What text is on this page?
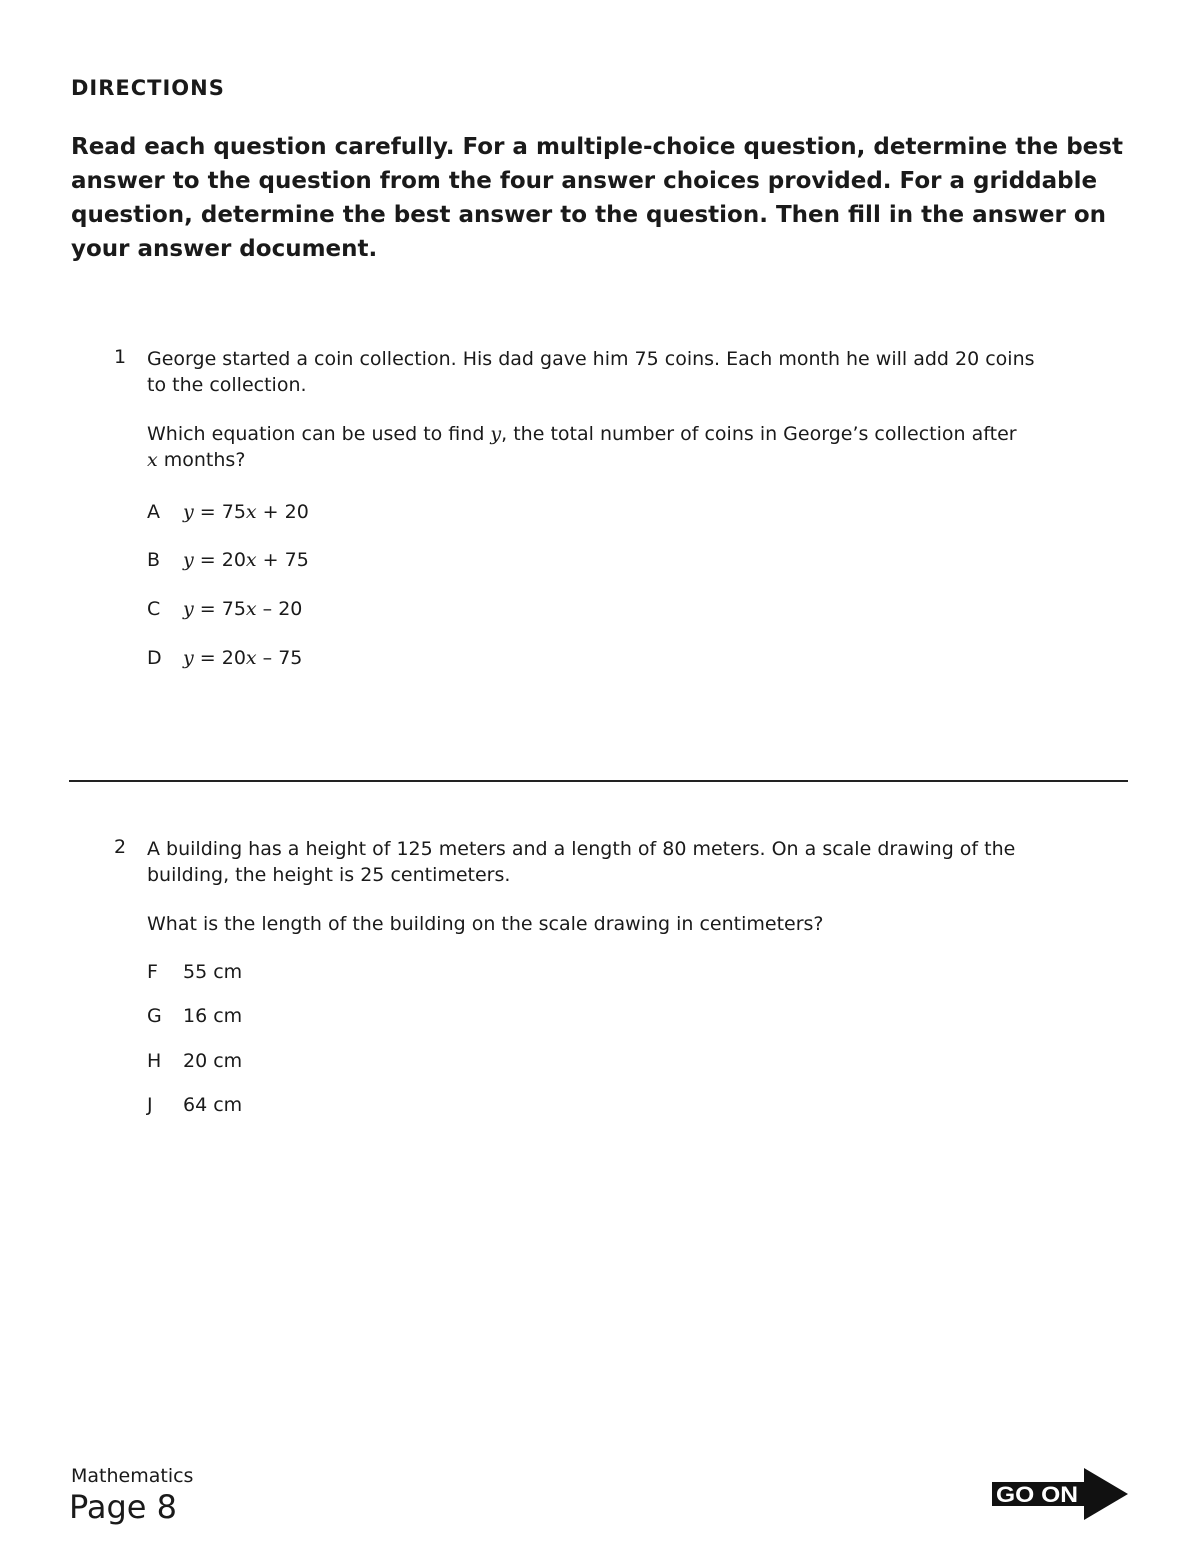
DIRECTIONS
Read each question carefully. For a multiple-choice question, determine the best answer to the question from the four answer choices provided. For a griddable question, determine the best answer to the question. Then fill in the answer on your answer document.
1	George started a coin collection. His dad gave him 75 coins. Each month he will add 20 coins

to the collection.

Which equation can be used to find y, the total number of coins in George’s collection after
x months?

A y = 75x + 20
B y = 20x + 75
C y = 75x – 20
D y = 20x – 75
2	A building has a height of 125 meters and a length of 80 meters. On a scale drawing of the

building, the height is 25 centimeters.

What is the length of the building on the scale drawing in centimeters?

F 55 cm
G 16 cm
H 20 cm
J 64 cm
Mathematics
Page 8	GO ON
